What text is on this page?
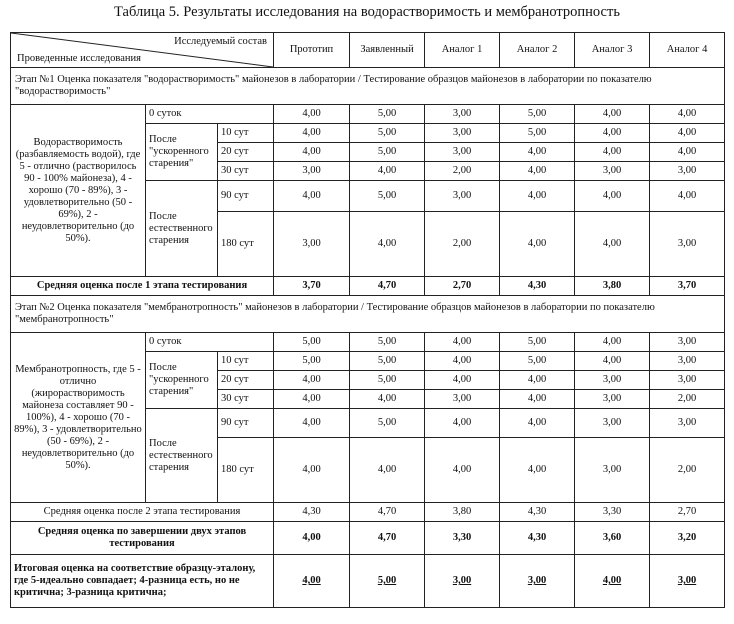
Таблица 5. Результаты исследования на водорастворимость и мембранотропность
Исследуемый состав
Проведенные исследования			Прототип	Заявленный	Аналог 1	Аналог 2	Аналог 3	Аналог 4
Этап №1 Оценка показателя "водорастворимость" майонезов в лаборатории / Тестирование образцов майонезов в лаборатории по показателю "водорастворимость"								
Водорастворимость (разбавляемость водой), где 5 - отлично (растворилось 90 - 100% майонеза), 4 - хорошо (70 - 89%), 3 - удовлетворительно (50 - 69%), 2 - неудовлетворительно (до 50%).	0 суток		4,00	5,00	3,00	5,00	4,00	4,00
	После "ускоренного старения"	10 сут	4,00	5,00	3,00	5,00	4,00	4,00
		20 сут	4,00	5,00	3,00	4,00	4,00	4,00
		30 сут	3,00	4,00	2,00	4,00	3,00	3,00
	После естественного старения	90 сут	4,00	5,00	3,00	4,00	4,00	4,00
		180 сут	3,00	4,00	2,00	4,00	4,00	3,00
Средняя оценка после 1 этапа тестирования			3,70	4,70	2,70	4,30	3,80	3,70
Этап №2 Оценка показателя "мембранотропность" майонезов в лаборатории / Тестирование образцов майонезов в лаборатории по показателю "мембранотропность"								
Мембранотропность, где 5 - отлично (жирорастворимость майонеза составляет 90 - 100%), 4 - хорошо (70 - 89%), 3 - удовлетворительно (50 - 69%), 2 - неудовлетворительно (до 50%).	0 суток		5,00	5,00	4,00	5,00	4,00	3,00
	После "ускоренного старения"	10 сут	5,00	5,00	4,00	5,00	4,00	3,00
		20 сут	4,00	5,00	4,00	4,00	3,00	3,00
		30 сут	4,00	4,00	3,00	4,00	3,00	2,00
	После естественного старения	90 сут	4,00	5,00	4,00	4,00	3,00	3,00
		180 сут	4,00	4,00	4,00	4,00	3,00	2,00
Средняя оценка после 2 этапа тестирования			4,30	4,70	3,80	4,30	3,30	2,70
Средняя оценка по завершении двух этапов тестирования			4,00	4,70	3,30	4,30	3,60	3,20
Итоговая оценка на соответствие образцу-эталону, где 5-идеально совпадает; 4-разница есть, но не критична; 3-разница критична;			4,00	5,00	3,00	3,00	4,00	3,00
